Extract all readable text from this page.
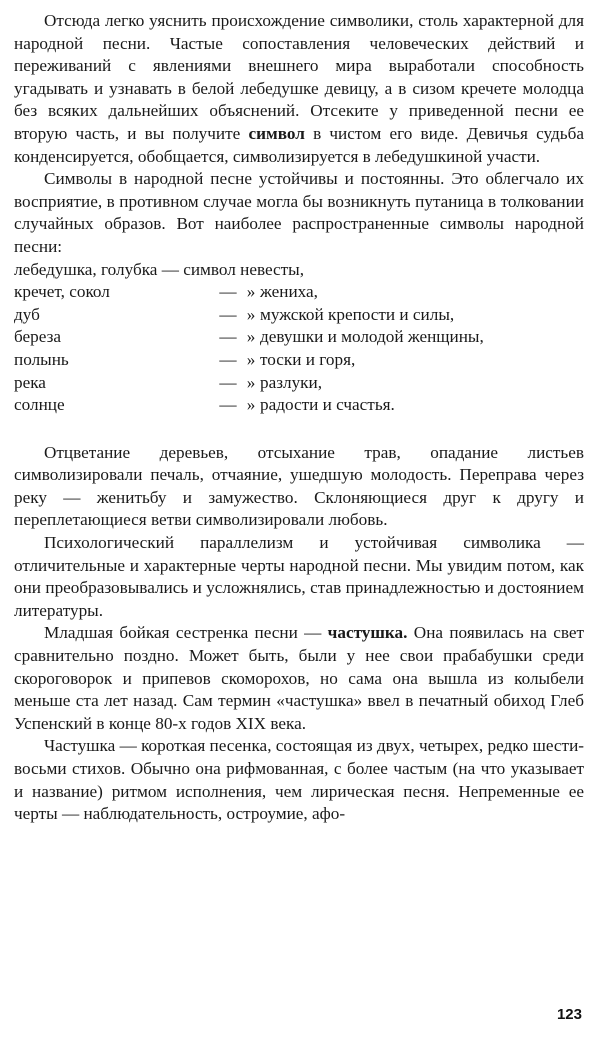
Отсюда легко уяснить происхождение символики, столь характерной для народной песни. Частые сопоставления человеческих действий и переживаний с явлениями внешнего мира выработали способность угадывать и узнавать в белой лебедушке девицу, а в сизом кречете молодца без всяких дальнейших объяснений. Отсеките у приведенной песни ее вторую часть, и вы получите символ в чистом его виде. Девичья судьба конденсируется, обобщается, символизируется в лебедушкиной участи.

Символы в народной песне устойчивы и постоянны. Это облегчало их восприятие, в противном случае могла бы возникнуть путаница в толковании случайных образов. Вот наиболее распространенные символы народной песни:

лебедушка, голубка — символ невесты,
кречет, сокол	— » жениха,
дуб	— » мужской крепости и силы,
береза	— » девушки и молодой женщины,
полынь	— » тоски и горя,
река	— » разлуки,
солнце	— » радости и счастья.

Отцветание деревьев, отсыхание трав, опадание листьев символизировали печаль, отчаяние, ушедшую молодость. Переправа через реку — женитьбу и замужество. Склоняющиеся друг к другу и переплетающиеся ветви символизировали любовь.

Психологический параллелизм и устойчивая символика — отличительные и характерные черты народной песни. Мы увидим потом, как они преобразовывались и усложнялись, став принадлежностью и достоянием литературы.

Младшая бойкая сестренка песни — частушка. Она появилась на свет сравнительно поздно. Может быть, были у нее свои прабабушки среди скороговорок и припевов скоморохов, но сама она вышла из колыбели меньше ста лет назад. Сам термин «частушка» ввел в печатный обиход Глеб Успенский в конце 80-х годов XIX века.

Частушка — короткая песенка, состоящая из двух, четырех, редко шести-восьми стихов. Обычно она рифмованная, с более частым (на что указывает и название) ритмом исполнения, чем лирическая песня. Непременные ее черты — наблюдательность, остроумие, афо-

123
